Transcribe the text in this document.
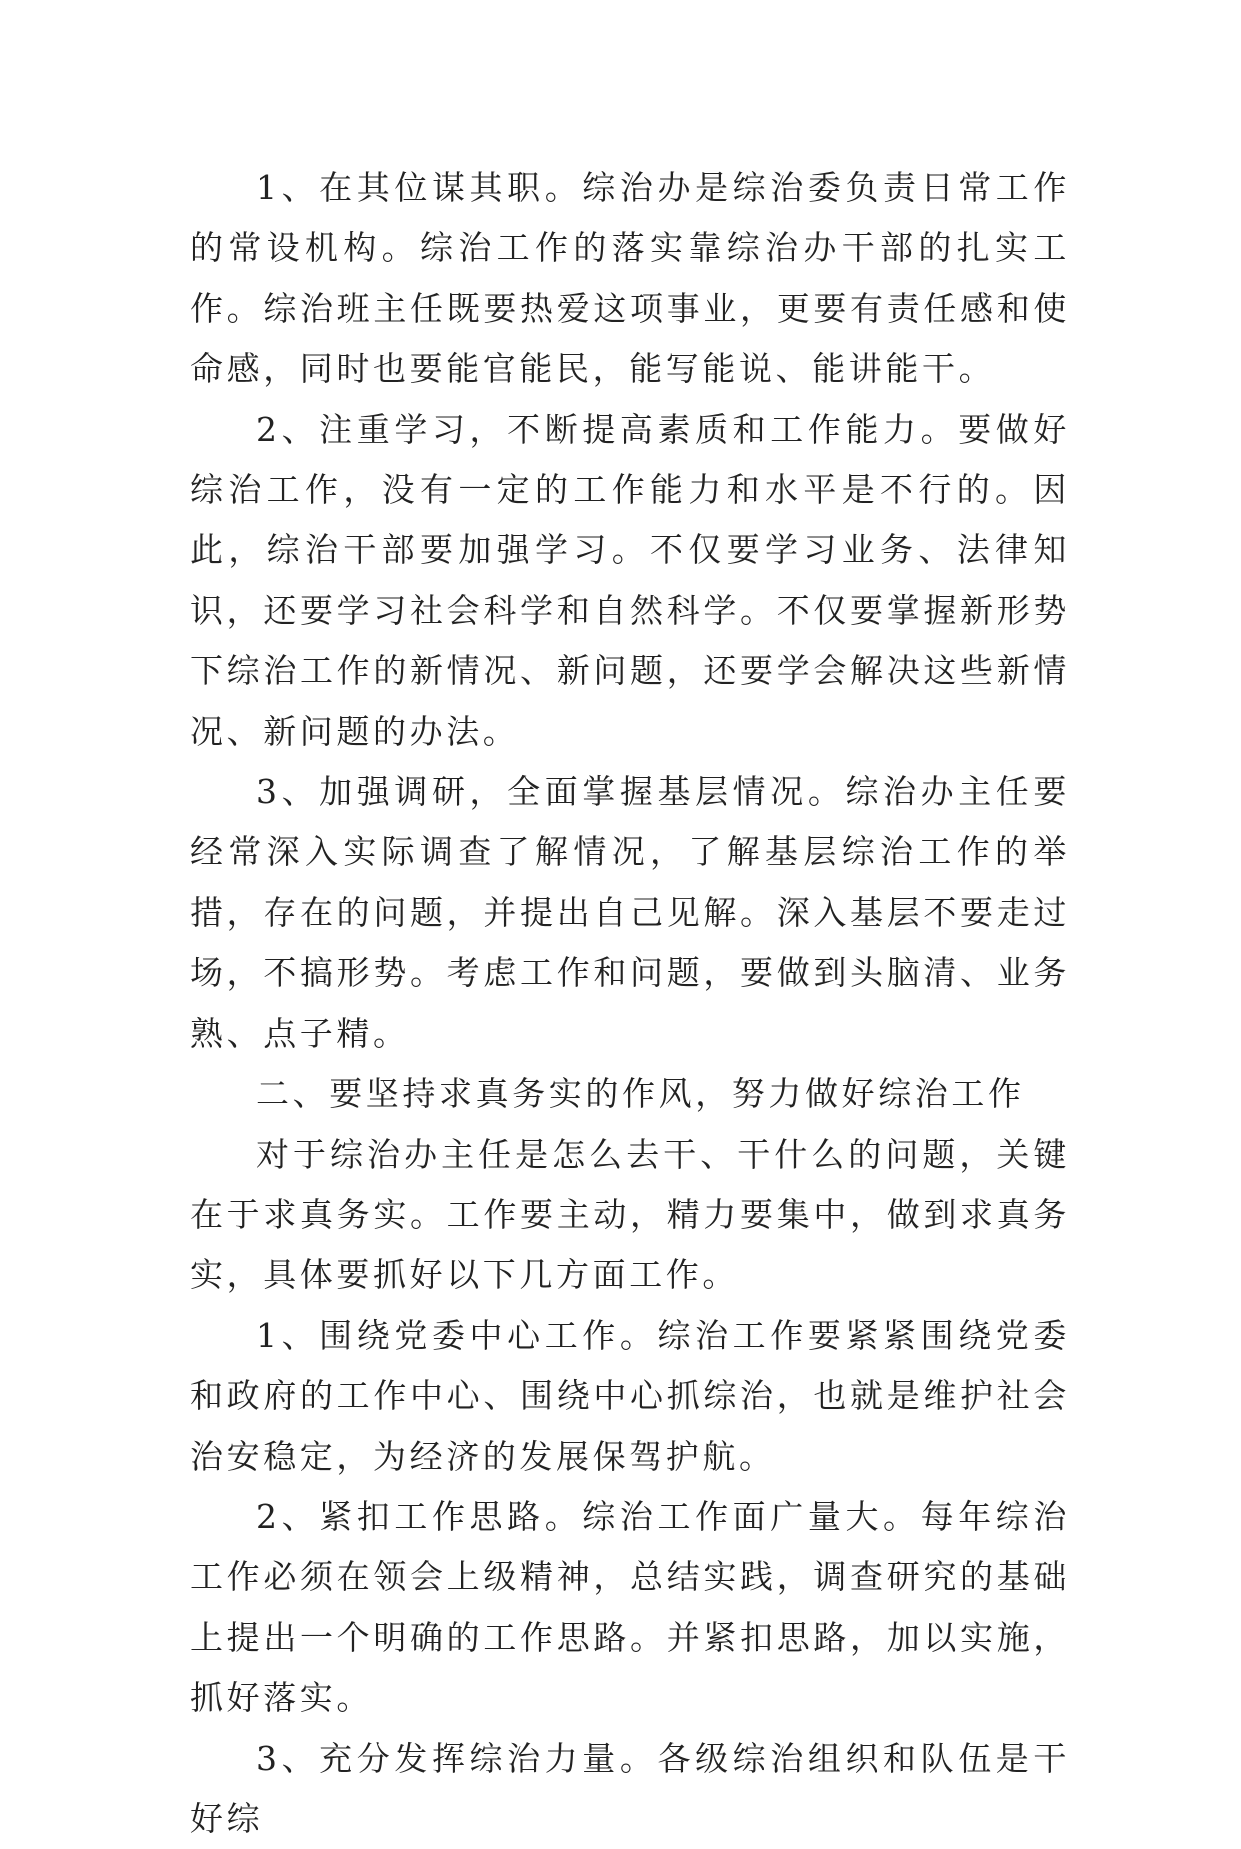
1、在其位谋其职。综治办是综治委负责日常工作的常设机构。综治工作的落实靠综治办干部的扎实工作。综治班主任既要热爱这项事业，更要有责任感和使命感，同时也要能官能民，能写能说、能讲能干。

2、注重学习，不断提高素质和工作能力。要做好综治工作，没有一定的工作能力和水平是不行的。因此，综治干部要加强学习。不仅要学习业务、法律知识，还要学习社会科学和自然科学。不仅要掌握新形势下综治工作的新情况、新问题，还要学会解决这些新情况、新问题的办法。

3、加强调研，全面掌握基层情况。综治办主任要经常深入实际调查了解情况，了解基层综治工作的举措，存在的问题，并提出自己见解。深入基层不要走过场，不搞形势。考虑工作和问题，要做到头脑清、业务熟、点子精。

二、要坚持求真务实的作风，努力做好综治工作

对于综治办主任是怎么去干、干什么的问题，关键在于求真务实。工作要主动，精力要集中，做到求真务实，具体要抓好以下几方面工作。

1、围绕党委中心工作。综治工作要紧紧围绕党委和政府的工作中心、围绕中心抓综治，也就是维护社会治安稳定，为经济的发展保驾护航。

2、紧扣工作思路。综治工作面广量大。每年综治工作必须在领会上级精神，总结实践，调查研究的基础上提出一个明确的工作思路。并紧扣思路，加以实施，抓好落实。

3、充分发挥综治力量。各级综治组织和队伍是干好综
